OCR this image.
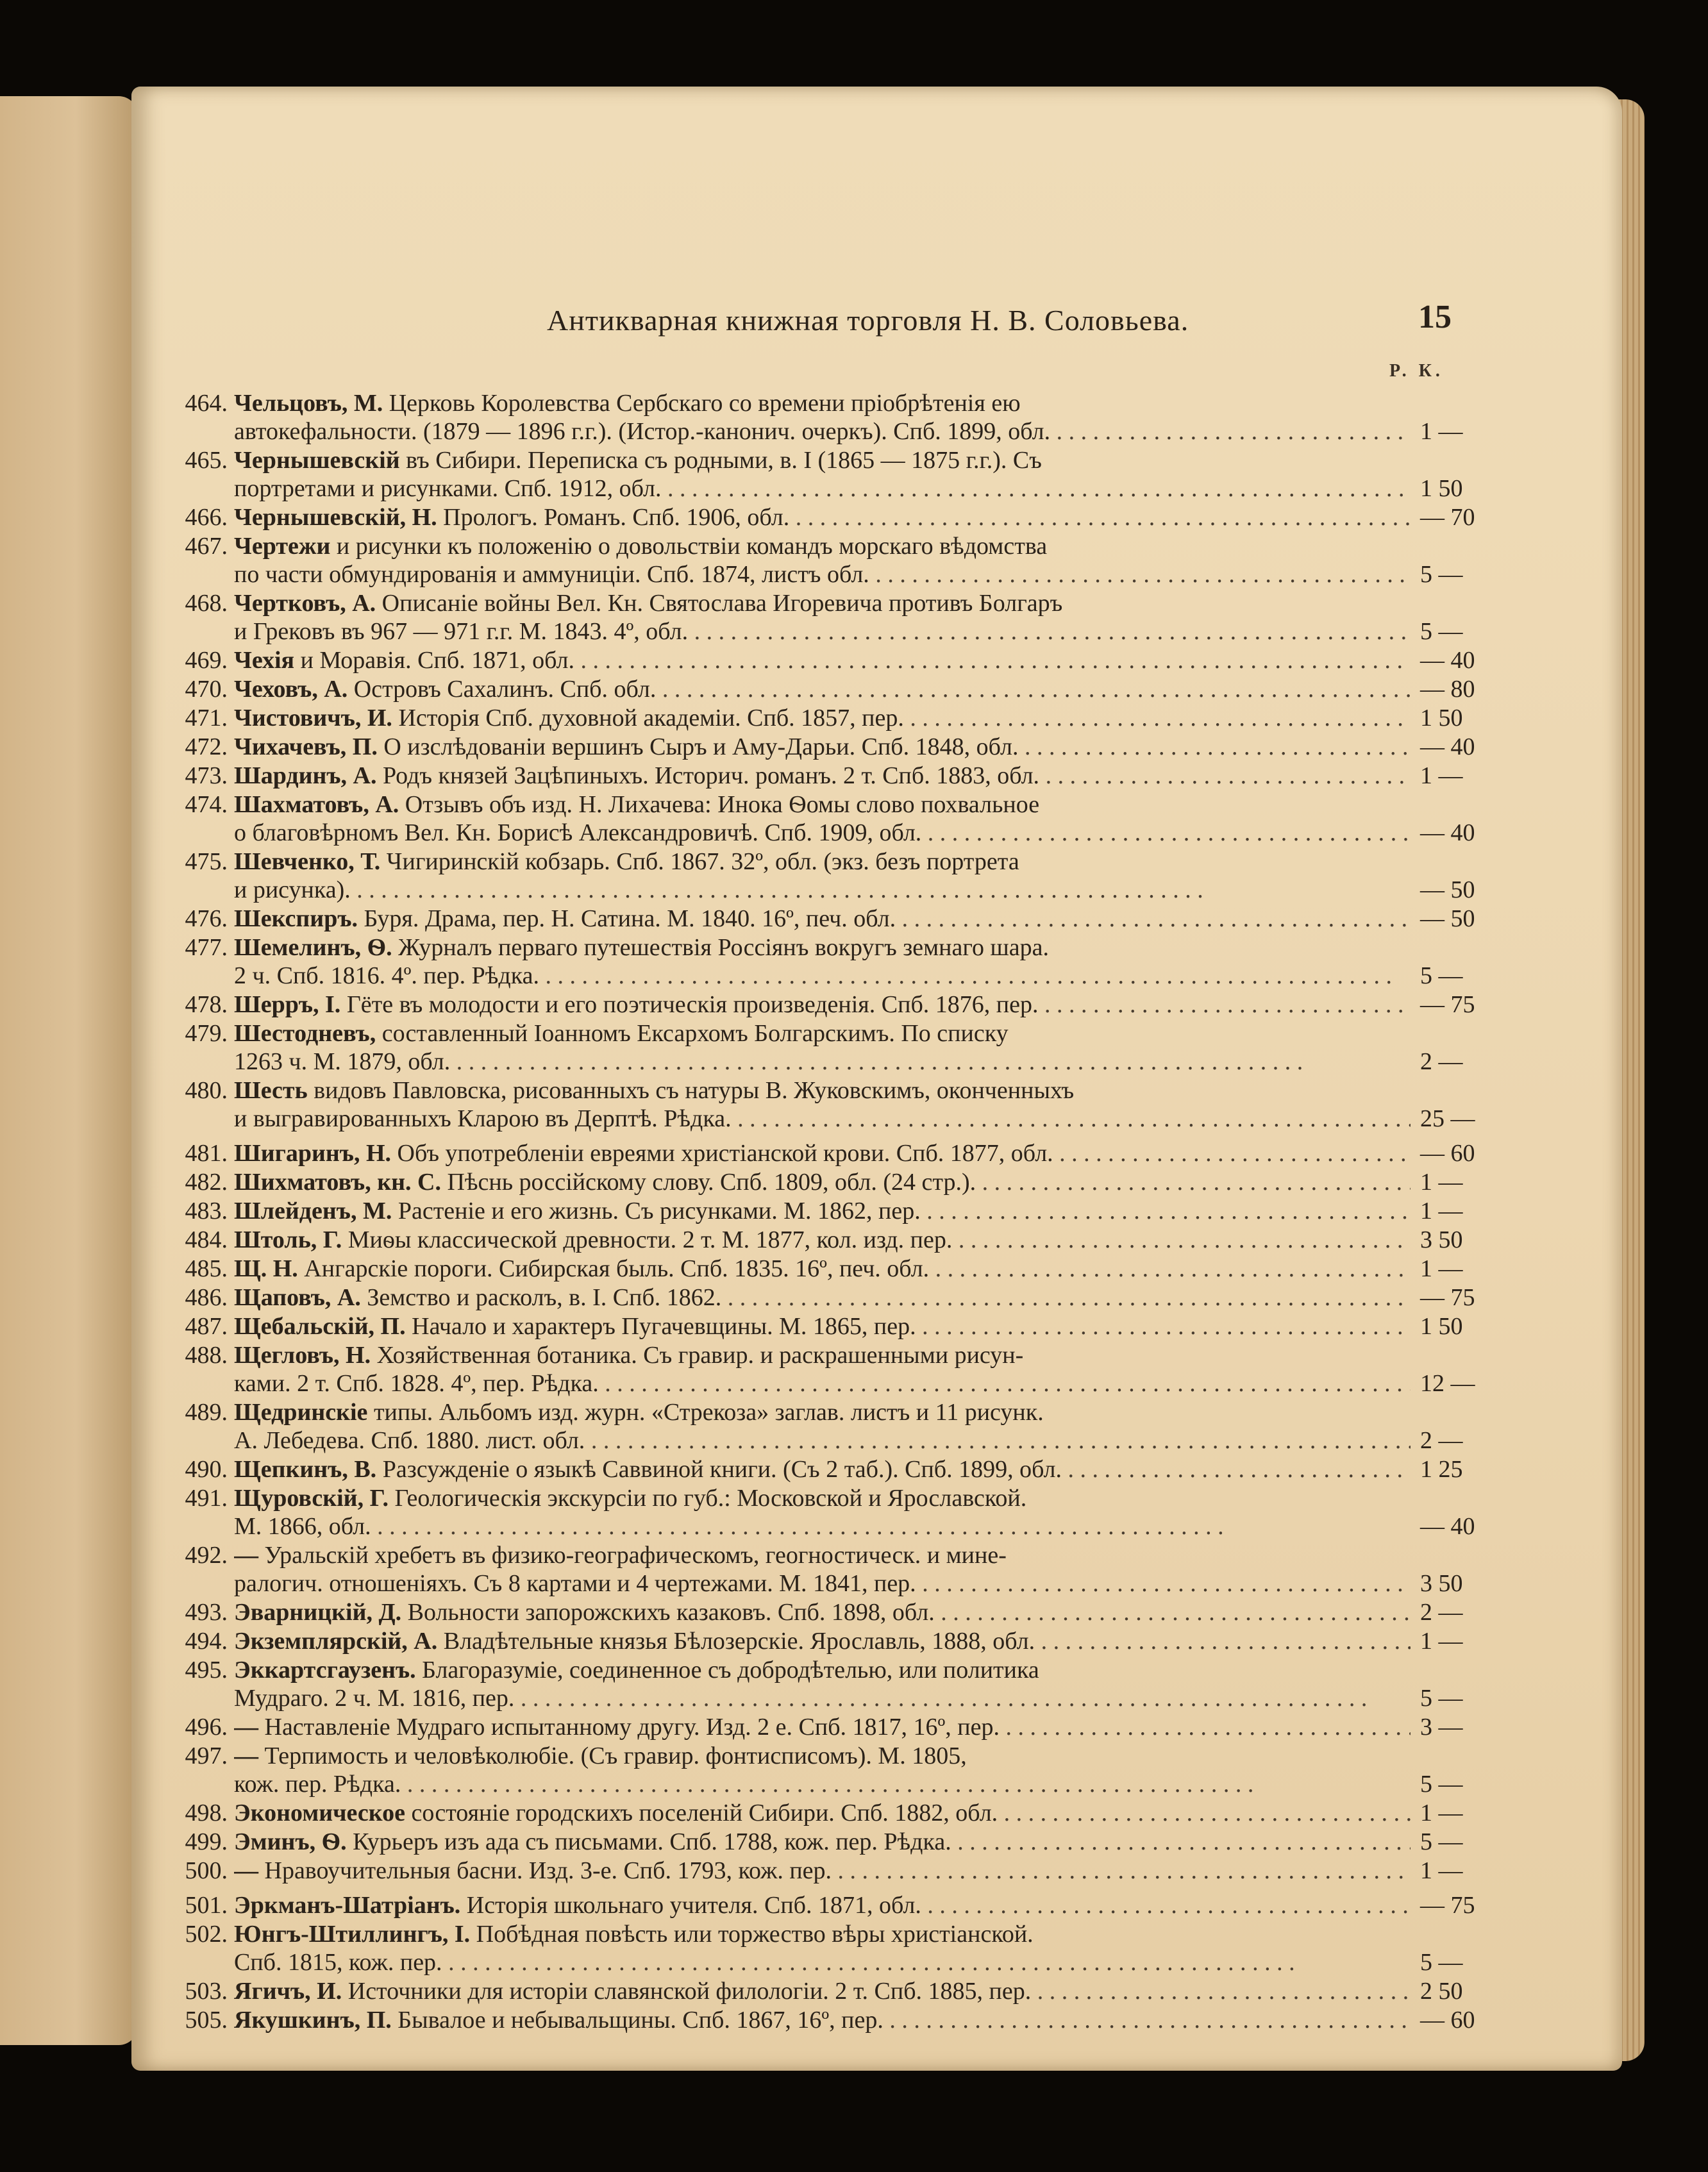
Антикварная книжная торговля Н. В. Соловьева.	15
Р. К.
464. Чельцовъ, М. Церковь Королевства Сербскаго со времени пріобрѣтенія ею
автокефальности. (1879 — 1896 г.г.). (Истор.-канонич. очеркъ). Спб. 1899, обл. . . .	1 —
465. Чернышевскій въ Сибири. Переписка съ родными, в. I (1865 — 1875 г.г.). Съ
портретами и рисунками. Спб. 1912, обл. . . .	1 50
466. Чернышевскій, Н. Прологъ. Романъ. Спб. 1906, обл. . . .	— 70
467. Чертежи и рисунки къ положенію о довольствіи командъ морскаго вѣдомства
по части обмундированія и аммуниціи. Спб. 1874, листъ обл. . . .	5 —
468. Чертковъ, А. Описаніе войны Вел. Кн. Святослава Игоревича противъ Болгаръ
и Грековъ въ 967 — 971 г.г. М. 1843. 4º, обл. . . .	5 —
469. Чехія и Моравія. Спб. 1871, обл. . . .	— 40
470. Чеховъ, А. Островъ Сахалинъ. Спб. обл. . . .	— 80
471. Чистовичъ, И. Исторія Спб. духовной академіи. Спб. 1857, пер. . . .	1 50
472. Чихачевъ, П. О изслѣдованіи вершинъ Сыръ и Аму-Дарьи. Спб. 1848, обл. . . .	— 40
473. Шардинъ, А. Родъ князей Зацѣпиныхъ. Историч. романъ. 2 т. Спб. 1883, обл. . . .	1 —
474. Шахматовъ, А. Отзывъ объ изд. Н. Лихачева: Инока Ѳомы слово похвальное
о благовѣрномъ Вел. Кн. Борисѣ Александровичѣ. Спб. 1909, обл. . . .	— 40
475. Шевченко, Т. Чигиринскій кобзарь. Спб. 1867. 32º, обл. (экз. безъ портрета
и рисунка). . . .	— 50
476. Шекспиръ. Буря. Драма, пер. Н. Сатина. М. 1840. 16º, печ. обл. . . .	— 50
477. Шемелинъ, Ѳ. Журналъ перваго путешествія Россіянъ вокругъ земнаго шара.
2 ч. Спб. 1816. 4º. пер. Рѣдка. . . .	5 —
478. Шерръ, І. Гёте въ молодости и его поэтическія произведенія. Спб. 1876, пер. . . .	— 75
479. Шестодневъ, составленный Іоанномъ Ексархомъ Болгарскимъ. По списку
1263 ч. М. 1879, обл. . . .	2 —
480. Шесть видовъ Павловска, рисованныхъ съ натуры В. Жуковскимъ, оконченныхъ
и выгравированныхъ Кларою въ Дерптѣ. Рѣдка. . . .	25 —
481. Шигаринъ, Н. Объ употребленіи евреями христіанской крови. Спб. 1877, обл. . . .	— 60
482. Шихматовъ, кн. С. Пѣснь россійскому слову. Спб. 1809, обл. (24 стр.). . . .	1 —
483. Шлейденъ, М. Растеніе и его жизнь. Съ рисунками. М. 1862, пер. . . .	1 —
484. Штоль, Г. Миѳы классической древности. 2 т. М. 1877, кол. изд. пер. . . .	3 50
485. Щ. Н. Ангарскіе пороги. Сибирская быль. Спб. 1835. 16º, печ. обл. . . .	1 —
486. Щаповъ, А. Земство и расколъ, в. I. Спб. 1862. . . .	— 75
487. Щебальскій, П. Начало и характеръ Пугачевщины. М. 1865, пер. . . .	1 50
488. Щегловъ, Н. Хозяйственная ботаника. Съ гравир. и раскрашенными рисун-
ками. 2 т. Спб. 1828. 4º, пер. Рѣдка. . . .	12 —
489. Щедринскіе типы. Альбомъ изд. журн. «Стрекоза» заглав. листъ и 11 рисунк.
А. Лебедева. Спб. 1880. лист. обл. . . .	2 —
490. Щепкинъ, В. Разсужденіе о языкѣ Саввиной книги. (Съ 2 таб.). Спб. 1899, обл. . . .	1 25
491. Щуровскій, Г. Геологическія экскурсіи по губ.: Московской и Ярославской.
М. 1866, обл. . . .	— 40
492. — Уральскій хребетъ въ физико-географическомъ, геогностическ. и мине-
ралогич. отношеніяхъ. Съ 8 картами и 4 чертежами. М. 1841, пер. . . .	3 50
493. Эварницкій, Д. Вольности запорожскихъ казаковъ. Спб. 1898, обл. . . .	2 —
494. Экземплярскій, А. Владѣтельные князья Бѣлозерскіе. Ярославль, 1888, обл. . . .	1 —
495. Эккартсгаузенъ. Благоразуміе, соединенное съ добродѣтелью, или политика
Мудраго. 2 ч. М. 1816, пер. . . .	5 —
496. — Наставленіе Мудраго испытанному другу. Изд. 2 е. Спб. 1817, 16º, пер. . . .	3 —
497. — Терпимость и человѣколюбіе. (Съ гравир. фонтисписомъ). М. 1805,
кож. пер. Рѣдка. . . .	5 —
498. Экономическое состояніе городскихъ поселеній Сибири. Спб. 1882, обл. . . .	1 —
499. Эминъ, Ѳ. Курьеръ изъ ада съ письмами. Спб. 1788, кож. пер. Рѣдка. . . .	5 —
500. — Нравоучительныя басни. Изд. 3-е. Спб. 1793, кож. пер. . . .	1 —
501. Эркманъ-Шатріанъ. Исторія школьнаго учителя. Спб. 1871, обл. . . .	— 75
502. Юнгъ-Штиллингъ, І. Побѣдная повѣсть или торжество вѣры христіанской.
Спб. 1815, кож. пер. . . .	5 —
503. Ягичъ, И. Источники для исторіи славянской филологіи. 2 т. Спб. 1885, пер. . . .	2 50
505. Якушкинъ, П. Бывалое и небывальщины. Спб. 1867, 16º, пер. . . .	— 60
